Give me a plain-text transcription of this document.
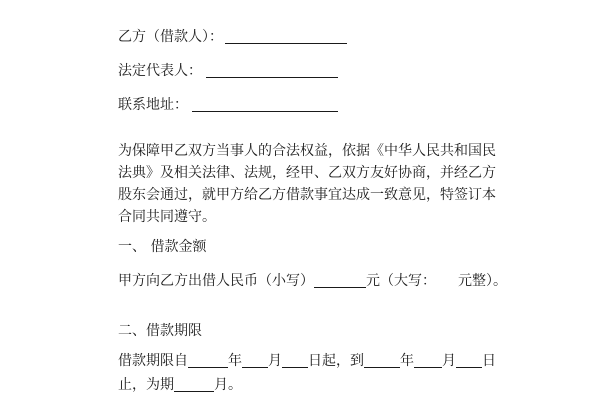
乙方（借款人）：
法定代表人：
联系地址：
为保障甲乙双方当事人的合法权益，依据《中华人民共和国民法典》及相关法律、法规，经甲、乙双方友好协商，并经乙方股东会通过，就甲方给乙方借款事宜达成一致意见，特签订本合同共同遵守。
一、 借款金额
甲方向乙方出借人民币（小写）	元（大写： 元整）。
二、借款期限
借款期限自	年 月 日起，到	年 月 日
止，为期	月。
